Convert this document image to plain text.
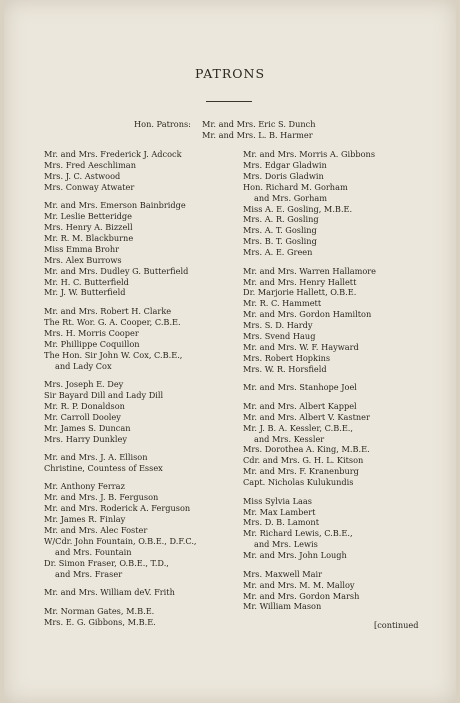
PATRONS
Hon. Patrons: Mr. and Mrs. Eric S. Dunch
Mr. and Mrs. L. B. Harmer
Mr. and Mrs. Frederick J. Adcock
Mrs. Fred Aeschliman
Mrs. J. C. Astwood
Mrs. Conway Atwater
Mr. and Mrs. Emerson Bainbridge
Mr. Leslie Betteridge
Mrs. Henry A. Bizzell
Mr. R. M. Blackburne
Miss Emma Brohr
Mrs. Alex Burrows
Mr. and Mrs. Dudley G. Butterfield
Mr. H. C. Butterfield
Mr. J. W. Butterfield
Mr. and Mrs. Robert H. Clarke
The Rt. Wor. G. A. Cooper, C.B.E.
Mrs. H. Morris Cooper
Mr. Phillippe Coquillon
The Hon. Sir John W. Cox, C.B.E.,
and Lady Cox
Mrs. Joseph E. Dey
Sir Bayard Dill and Lady Dill
Mr. R. P. Donaldson
Mr. Carroll Dooley
Mr. James S. Duncan
Mrs. Harry Dunkley
Mr. and Mrs. J. A. Ellison
Christine, Countess of Essex
Mr. Anthony Ferraz
Mr. and Mrs. J. B. Ferguson
Mr. and Mrs. Roderick A. Ferguson
Mr. James R. Finlay
Mr. and Mrs. Alec Foster
W/Cdr. John Fountain, O.B.E., D.F.C.,
and Mrs. Fountain
Dr. Simon Fraser, O.B.E., T.D.,
and Mrs. Fraser
Mr. and Mrs. William deV. Frith
Mr. Norman Gates, M.B.E.
Mrs. E. G. Gibbons, M.B.E.
Mr. and Mrs. Morris A. Gibbons
Mrs. Edgar Gladwin
Mrs. Doris Gladwin
Hon. Richard M. Gorham
and Mrs. Gorham
Miss A. E. Gosling, M.B.E.
Mrs. A. R. Gosling
Mrs. A. T. Gosling
Mrs. B. T. Gosling
Mrs. A. E. Green
Mr. and Mrs. Warren Hallamore
Mr. and Mrs. Henry Hallett
Dr. Marjorie Hallett, O.B.E.
Mr. R. C. Hammett
Mr. and Mrs. Gordon Hamilton
Mrs. S. D. Hardy
Mrs. Svend Haug
Mr. and Mrs. W. F. Hayward
Mrs. Robert Hopkins
Mrs. W. R. Horsfield
Mr. and Mrs. Stanhope Joel
Mr. and Mrs. Albert Kappel
Mr. and Mrs. Albert V. Kastner
Mr. J. B. A. Kessler, C.B.E.,
and Mrs. Kessler
Mrs. Dorothea A. King, M.B.E.
Cdr. and Mrs. G. H. L. Kitson
Mr. and Mrs. F. Kranenburg
Capt. Nicholas Kulukundis
Miss Sylvia Laas
Mr. Max Lambert
Mrs. D. B. Lamont
Mr. Richard Lewis, C.B.E.,
and Mrs. Lewis
Mr. and Mrs. John Lough
Mrs. Maxwell Mair
Mr. and Mrs. M. M. Malloy
Mr. and Mrs. Gordon Marsh
Mr. William Mason
[continued
